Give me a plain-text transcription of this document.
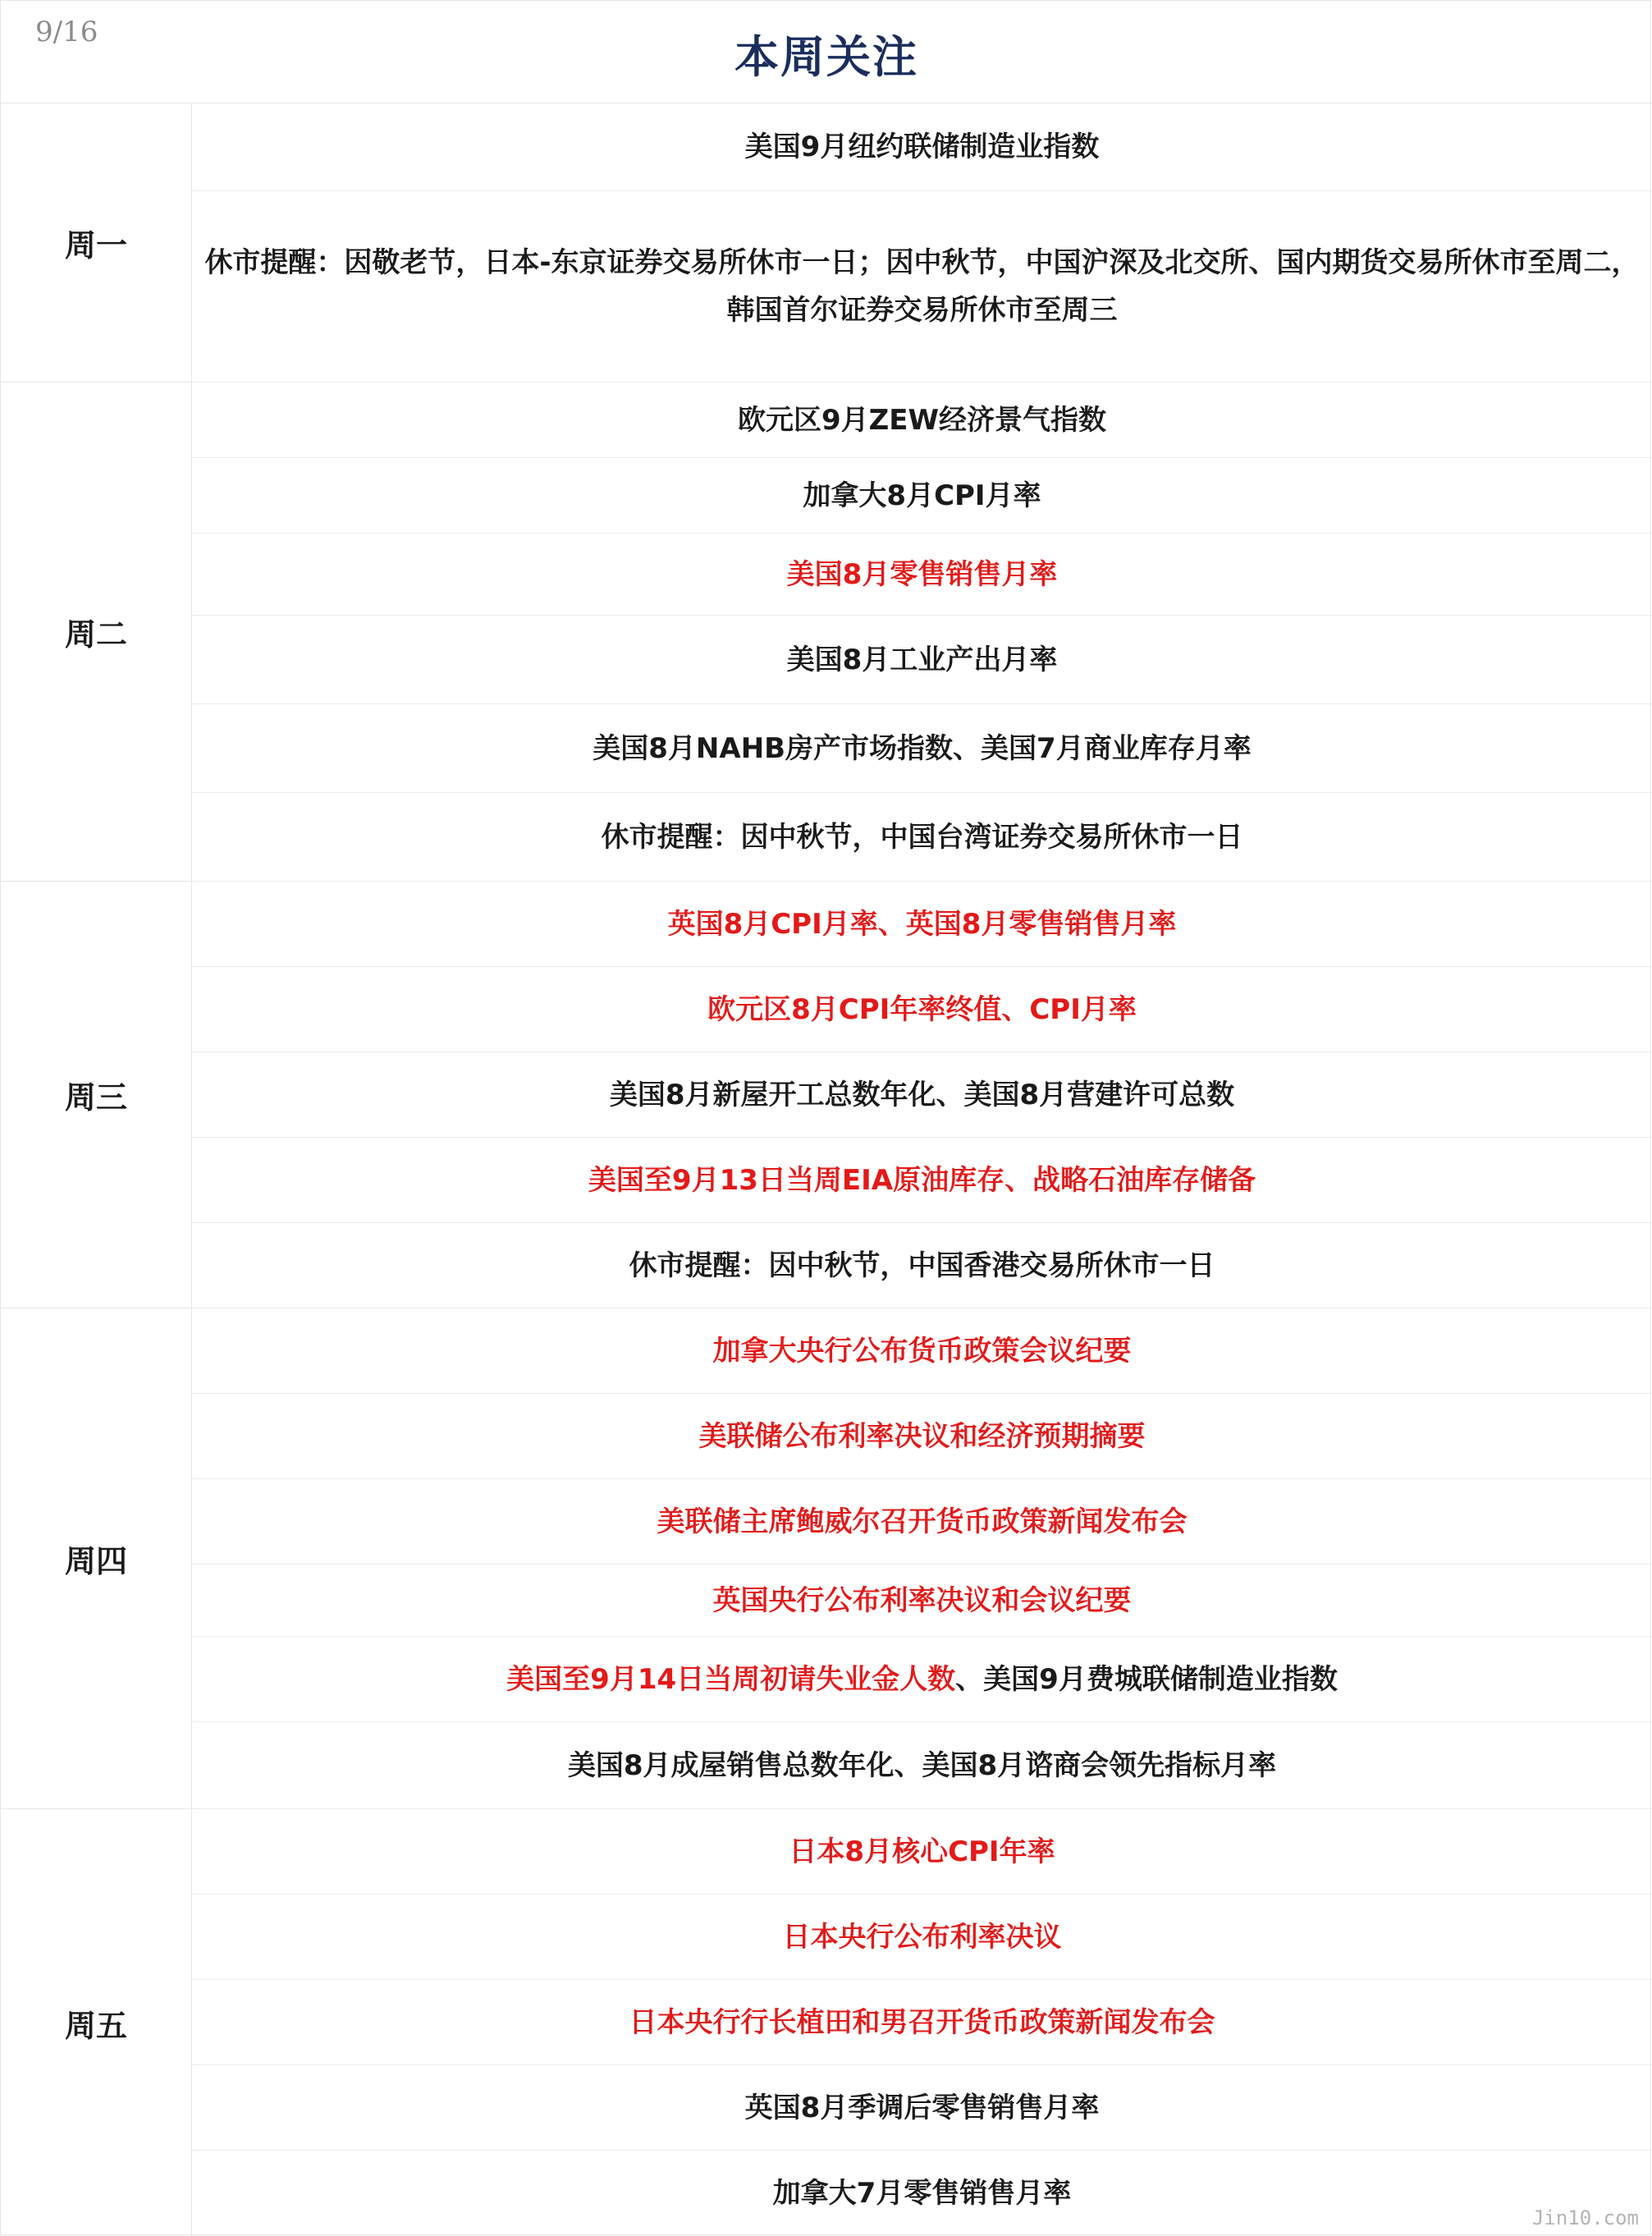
9/16	本周关注
周一
美国9月纽约联储制造业指数
休市提醒：因敬老节，日本-东京证券交易所休市一日；因中秋节，中国沪深及北交所、国内期货交易所休市至周二，韩国首尔证券交易所休市至周三
周二
欧元区9月ZEW经济景气指数
加拿大8月CPI月率
美国8月零售销售月率
美国8月工业产出月率
美国8月NAHB房产市场指数、美国7月商业库存月率
休市提醒：因中秋节，中国台湾证券交易所休市一日
周三
英国8月CPI月率、英国8月零售销售月率
欧元区8月CPI年率终值、CPI月率
美国8月新屋开工总数年化、美国8月营建许可总数
美国至9月13日当周EIA原油库存、战略石油库存储备
休市提醒：因中秋节，中国香港交易所休市一日
周四
加拿大央行公布货币政策会议纪要
美联储公布利率决议和经济预期摘要
美联储主席鲍威尔召开货币政策新闻发布会
英国央行公布利率决议和会议纪要
美国至9月14日当周初请失业金人数、美国9月费城联储制造业指数
美国8月成屋销售总数年化、美国8月谘商会领先指标月率
周五
日本8月核心CPI年率
日本央行公布利率决议
日本央行行长植田和男召开货币政策新闻发布会
英国8月季调后零售销售月率
加拿大7月零售销售月率
Jin10.com
